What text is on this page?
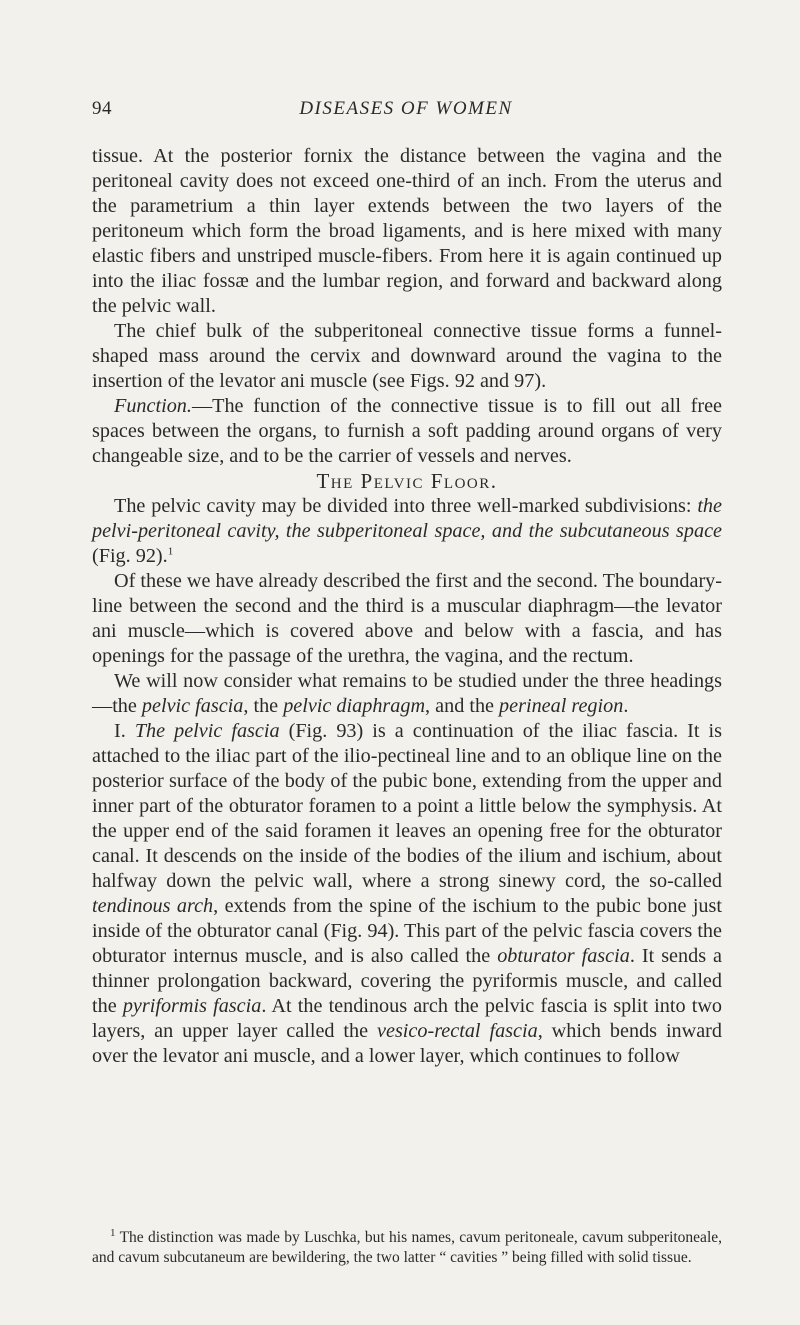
94	DISEASES OF WOMEN

tissue. At the posterior fornix the distance between the vagina and the peritoneal cavity does not exceed one-third of an inch. From the uterus and the parametrium a thin layer extends between the two layers of the peritoneum which form the broad ligaments, and is here mixed with many elastic fibers and unstriped muscle-fibers. From here it is again continued up into the iliac fossæ and the lumbar region, and forward and backward along the pelvic wall.

The chief bulk of the subperitoneal connective tissue forms a funnel-shaped mass around the cervix and downward around the vagina to the insertion of the levator ani muscle (see Figs. 92 and 97).

Function.—The function of the connective tissue is to fill out all free spaces between the organs, to furnish a soft padding around organs of very changeable size, and to be the carrier of vessels and nerves.

The Pelvic Floor.

The pelvic cavity may be divided into three well-marked subdivisions: the pelvi-peritoneal cavity, the subperitoneal space, and the subcutaneous space (Fig. 92).$^1$

Of these we have already described the first and the second. The boundary-line between the second and the third is a muscular diaphragm—the levator ani muscle—which is covered above and below with a fascia, and has openings for the passage of the urethra, the vagina, and the rectum.

We will now consider what remains to be studied under the three headings—the pelvic fascia, the pelvic diaphragm, and the perineal region.

I. The pelvic fascia (Fig. 93) is a continuation of the iliac fascia. It is attached to the iliac part of the ilio-pectineal line and to an oblique line on the posterior surface of the body of the pubic bone, extending from the upper and inner part of the obturator foramen to a point a little below the symphysis. At the upper end of the said foramen it leaves an opening free for the obturator canal. It descends on the inside of the bodies of the ilium and ischium, about halfway down the pelvic wall, where a strong sinewy cord, the so-called tendinous arch, extends from the spine of the ischium to the pubic bone just inside of the obturator canal (Fig. 94). This part of the pelvic fascia covers the obturator internus muscle, and is also called the obturator fascia. It sends a thinner prolongation backward, covering the pyriformis muscle, and called the pyriformis fascia. At the tendinous arch the pelvic fascia is split into two layers, an upper layer called the vesico-rectal fascia, which bends inward over the levator ani muscle, and a lower layer, which continues to follow

$^1$ The distinction was made by Luschka, but his names, cavum peritoneale, cavum subperitoneale, and cavum subcutaneum are bewildering, the two latter “ cavities ” being filled with solid tissue.
